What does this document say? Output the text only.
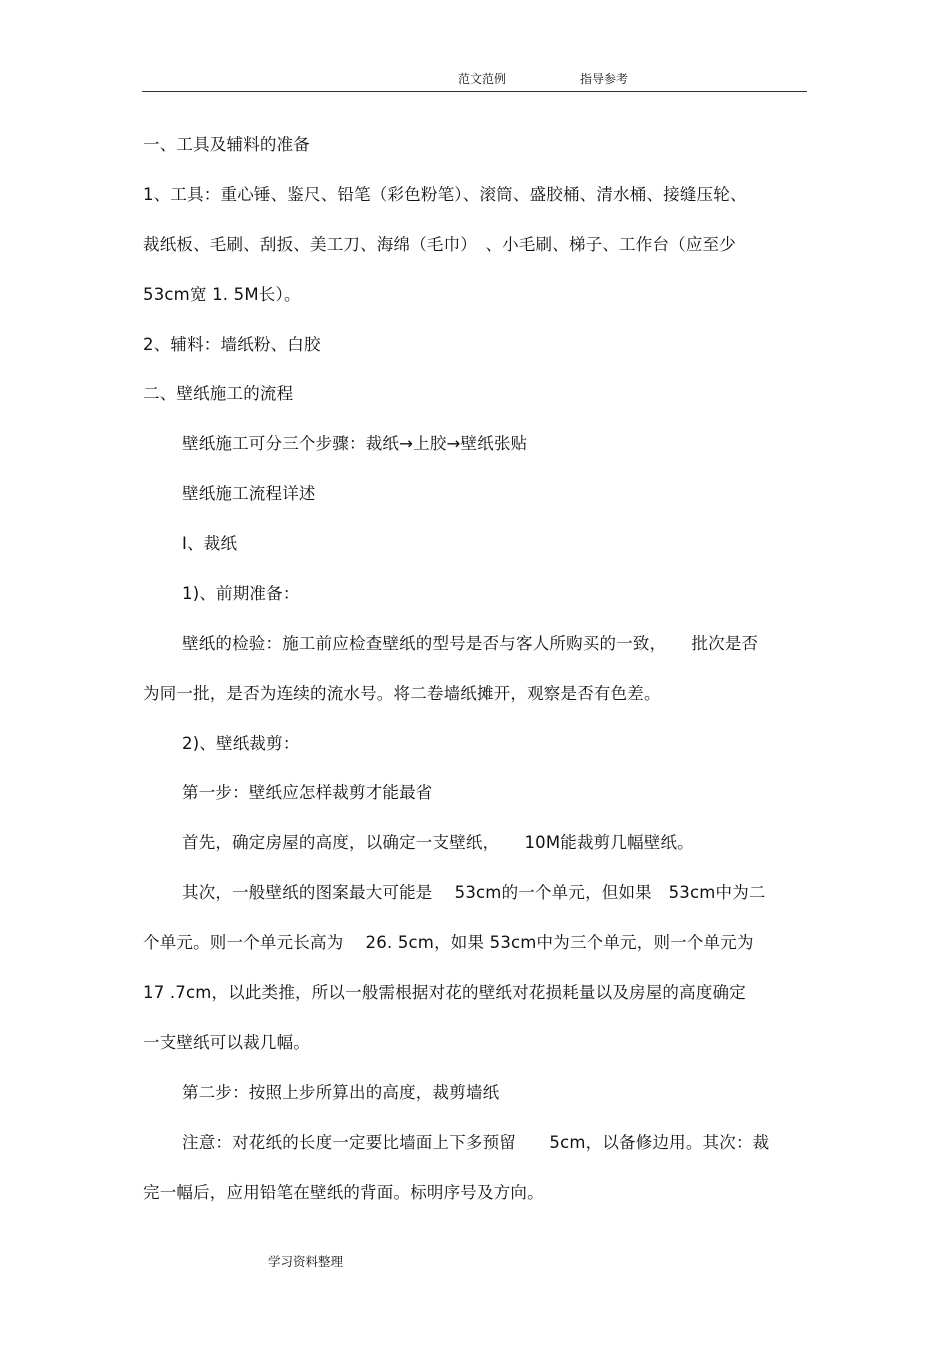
范文范例	指导参考
一、工具及辅料的准备
1、工具：重心锤、鉴尺、铅笔（彩色粉笔）、滚筒、盛胶桶、清水桶、接缝压轮、
裁纸板、毛刷、刮扳、美工刀、海绵（毛巾）　、小毛刷、梯子、工作台（应至少
53cm宽 1. 5M长）。
2、辅料：墙纸粉、白胶
二、壁纸施工的流程
壁纸施工可分三个步骤：裁纸→上胶→壁纸张贴
壁纸施工流程详述
I、裁纸
1)、前期准备：
壁纸的检验：施工前应检查壁纸的型号是否与客人所购买的一致，　　批次是否
为同一批，是否为连续的流水号。将二卷墙纸摊开，观察是否有色差。
2)、壁纸裁剪：
第一步：壁纸应怎样裁剪才能最省
首先，确定房屋的高度，以确定一支壁纸，　　10M能裁剪几幅壁纸。
其次，一般壁纸的图案最大可能是　 53cm的一个单元，但如果　53cm中为二
个单元。则一个单元长高为　 26. 5cm，如果 53cm中为三个单元，则一个单元为
17 .7cm，以此类推，所以一般需根据对花的壁纸对花损耗量以及房屋的高度确定
一支壁纸可以裁几幅。
第二步：按照上步所算出的高度，裁剪墙纸
注意：对花纸的长度一定要比墙面上下多预留　　5cm，以备修边用。其次：裁
完一幅后，应用铅笔在壁纸的背面。标明序号及方向。
学习资料整理
